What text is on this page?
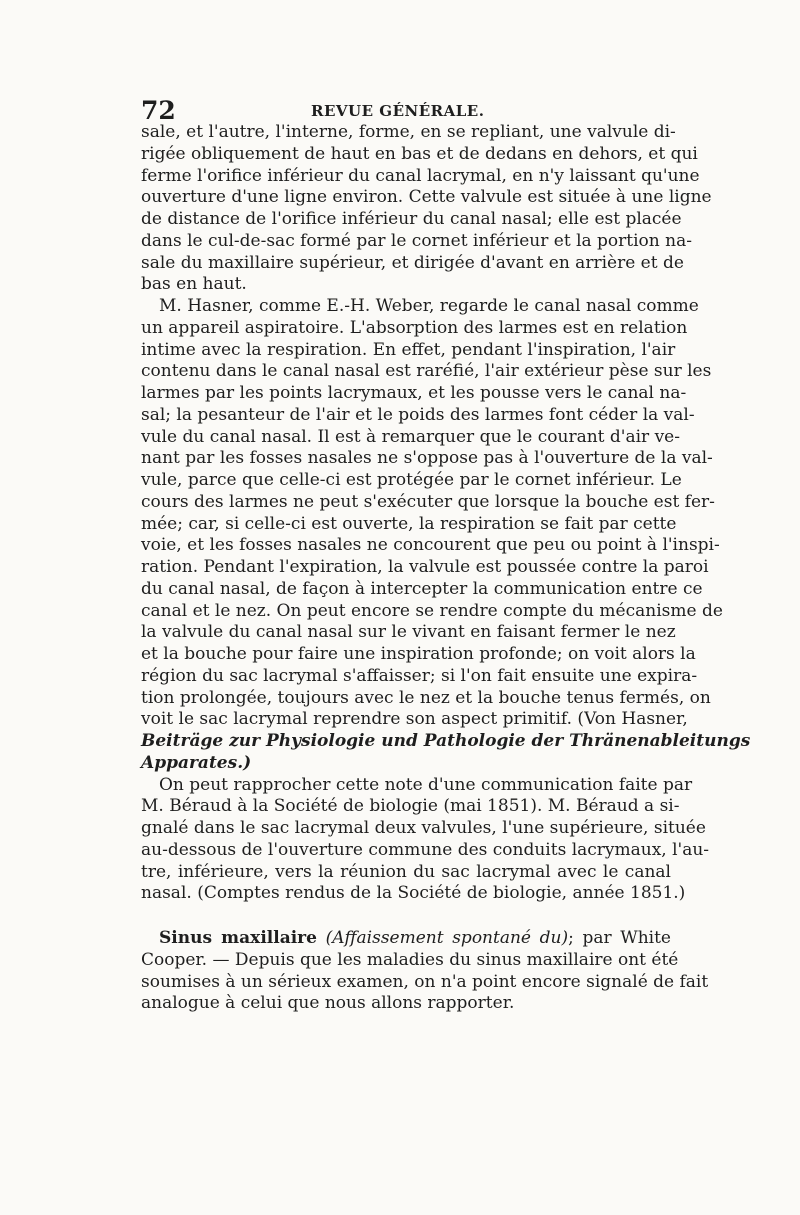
72	REVUE GÉNÉRALE.
sale, et l'autre, l'interne, forme, en se repliant, une valvule di-
rigée obliquement de haut en bas et de dedans en dehors, et qui
ferme l'orifice inférieur du canal lacrymal, en n'y laissant qu'une
ouverture d'une ligne environ. Cette valvule est située à une ligne
de distance de l'orifice inférieur du canal nasal; elle est placée
dans le cul-de-sac formé par le cornet inférieur et la portion na-
sale du maxillaire supérieur, et dirigée d'avant en arrière et de
bas en haut.
M. Hasner, comme E.-H. Weber, regarde le canal nasal comme
un appareil aspiratoire. L'absorption des larmes est en relation
intime avec la respiration. En effet, pendant l'inspiration, l'air
contenu dans le canal nasal est raréfié, l'air extérieur pèse sur les
larmes par les points lacrymaux, et les pousse vers le canal na-
sal; la pesanteur de l'air et le poids des larmes font céder la val-
vule du canal nasal. Il est à remarquer que le courant d'air ve-
nant par les fosses nasales ne s'oppose pas à l'ouverture de la val-
vule, parce que celle-ci est protégée par le cornet inférieur. Le
cours des larmes ne peut s'exécuter que lorsque la bouche est fer-
mée; car, si celle-ci est ouverte, la respiration se fait par cette
voie, et les fosses nasales ne concourent que peu ou point à l'inspi-
ration. Pendant l'expiration, la valvule est poussée contre la paroi
du canal nasal, de façon à intercepter la communication entre ce
canal et le nez. On peut encore se rendre compte du mécanisme de
la valvule du canal nasal sur le vivant en faisant fermer le nez
et la bouche pour faire une inspiration profonde; on voit alors la
région du sac lacrymal s'affaisser; si l'on fait ensuite une expira-
tion prolongée, toujours avec le nez et la bouche tenus fermés, on
voit le sac lacrymal reprendre son aspect primitif. (Von Hasner,
Beiträge zur Physiologie und Pathologie der Thränenableitungs
Apparates.)
On peut rapprocher cette note d'une communication faite par
M. Béraud à la Société de biologie (mai 1851). M. Béraud a si-
gnalé dans le sac lacrymal deux valvules, l'une supérieure, située
au-dessous de l'ouverture commune des conduits lacrymaux, l'au-
tre, inférieure, vers la réunion du sac lacrymal avec le canal
nasal. (Comptes rendus de la Société de biologie, année 1851.)
Sinus maxillaire (Affaissement spontané du); par White
Cooper. — Depuis que les maladies du sinus maxillaire ont été
soumises à un sérieux examen, on n'a point encore signalé de fait
analogue à celui que nous allons rapporter.
